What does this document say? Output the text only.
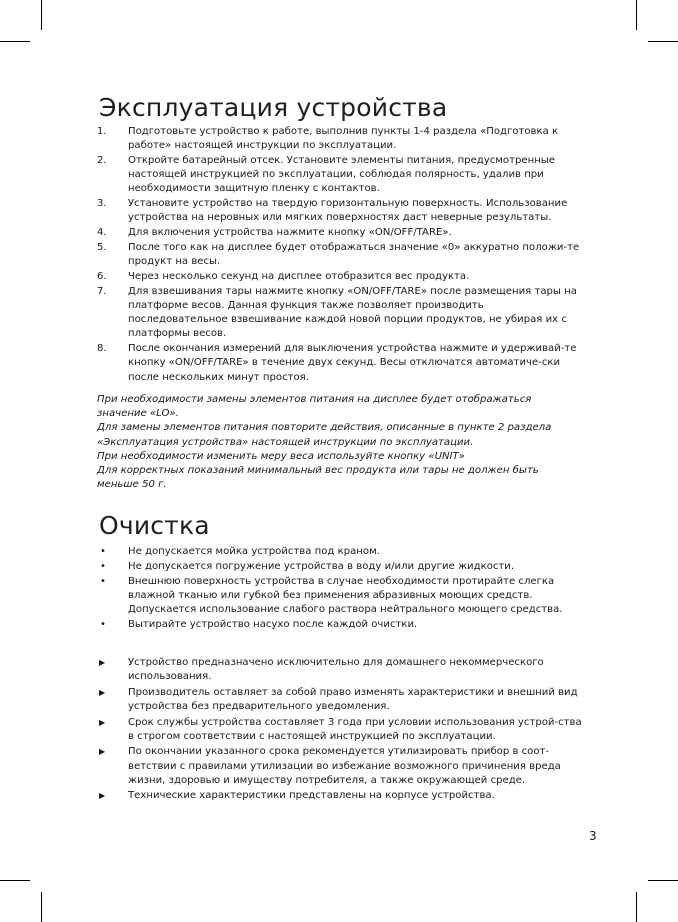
Эксплуатация устройства
1. Подготовьте устройство к работе, выполнив пункты 1-4 раздела «Подготовка к работе» настоящей инструкции по эксплуатации.
2. Откройте батарейный отсек. Установите элементы питания, предусмотренные настоящей инструкцией по эксплуатации, соблюдая полярность, удалив при необходимости защитную пленку с контактов.
3. Установите устройство на твердую горизонтальную поверхность. Использование устройства на неровных или мягких поверхностях даст неверные результаты.
4. Для включения устройства нажмите кнопку «ON/OFF/TARE».
5. После того как на дисплее будет отображаться значение «0» аккуратно положи-те продукт на весы.
6. Через несколько секунд на дисплее отобразится вес продукта.
7. Для взвешивания тары нажмите кнопку «ON/OFF/TARE» после размещения тары на платформе весов. Данная функция также позволяет производить последовательное взвешивание каждой новой порции продуктов, не убирая их с платформы весов.
8. После окончания измерений для выключения устройства нажмите и удерживай-те кнопку «ON/OFF/TARE» в течение двух секунд. Весы отключатся автоматиче-ски после нескольких минут простоя.

При необходимости замены элементов питания на дисплее будет отображаться значение «LO».

Для замены элементов питания повторите действия, описанные в пункте 2 раздела «Эксплуатация устройства» настоящей инструкции по эксплуатации.

При необходимости изменить меру веса используйте кнопку «UNIT»

Для корректных показаний минимальный вес продукта или тары не должен быть меньше 50 г.

Очистка
• Не допускается мойка устройства под краном.
• Не допускается погружение устройства в воду и/или другие жидкости.
• Внешнюю поверхность устройства в случае необходимости протирайте слегка влажной тканью или губкой без применения абразивных моющих средств. Допускается использование слабого раствора нейтрального моющего средства.
• Вытирайте устройство насухо после каждой очистки.
▶ Устройство предназначено исключительно для домашнего некоммерческого использования.
▶ Производитель оставляет за собой право изменять характеристики и внешний вид устройства без предварительного уведомления.
▶ Срок службы устройства составляет 3 года при условии использования устрой-ства в строгом соответствии с настоящей инструкцией по эксплуатации.
▶ По окончании указанного срока рекомендуется утилизировать прибор в соот-ветствии с правилами утилизации во избежание возможного причинения вреда жизни, здоровью и имуществу потребителя, а также окружающей среде.
▶ Технические характеристики представлены на корпусе устройства.
3
